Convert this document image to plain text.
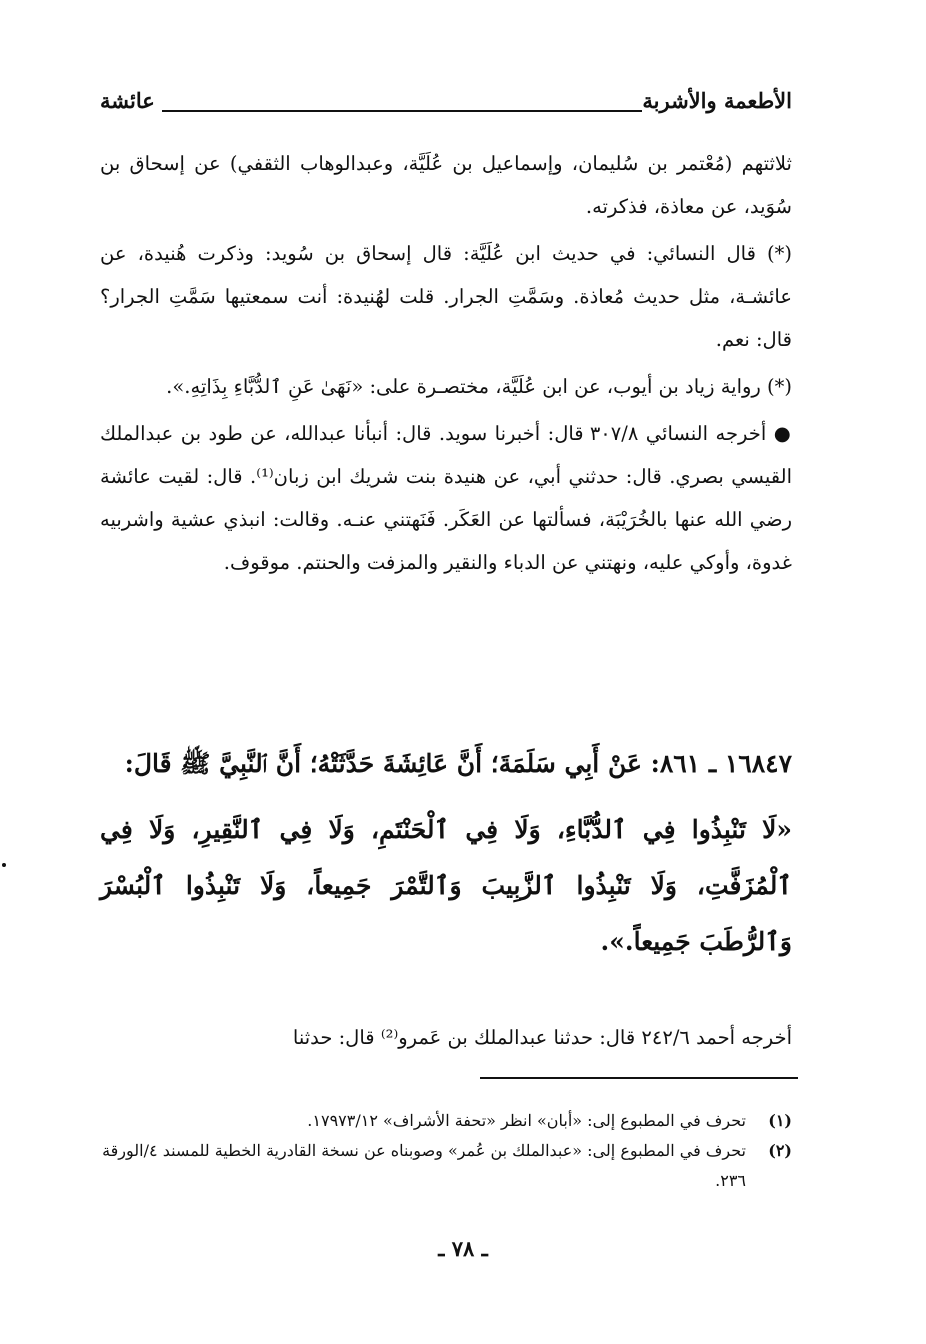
الأطعمة والأشربة
عائشة

ثلاثتهم (مُعْتمر بن سُليمان، وإسماعيل بن عُلَيَّة، وعبدالوهاب الثقفي) عن إسحاق بن سُوَيد، عن معاذة، فذكرته.

(*) قال النسائي: في حديث ابن عُلَيَّة: قال إسحاق بن سُويد: وذكرت هُنيدة، عن عائشـة، مثل حديث مُعاذة. وسَمَّتِ الجرار. قلت لهُنيدة: أنت سمعتيها سَمَّتِ الجرار؟ قال: نعم.

(*) رواية زياد بن أيوب، عن ابن عُلَيَّة، مختصـرة على: «نَهَىٰ عَنِ ٱلدُّبَّاءِ بِذَاتِهِ.».

● أخرجه النسائي ٣٠٧/٨ قال: أخبرنا سويد. قال: أنبأنا عبدالله، عن طود بن عبدالملك القيسي بصري. قال: حدثني أبي، عن هنيدة بنت شريك ابن زبان⁽¹⁾. قال: لقيت عائشة رضي الله عنها بالخُرَيْبَة، فسألتها عن العَكَر. فَنَهتني عنـه. وقالت: انبذي عشية واشربيه غدوة، وأوكي عليه، ونهتني عن الدباء والنقير والمزفت والحنتم. موقوف.

١٦٨٤٧ ـ ٨٦١: عَنْ أَبِي سَلَمَةَ؛ أَنَّ عَائِشَةَ حَدَّثَتْهُ؛ أَنَّ ٱلنَّبِيَّ ﷺ قَالَ:

«لَا تَنْبِذُوا فِي ٱلدُّبَّاءِ، وَلَا فِي ٱلْحَنْتَمِ، وَلَا فِي ٱلنَّقِيرِ، وَلَا فِي ٱلْمُزَفَّتِ، وَلَا تَنْبِذُوا ٱلزَّبِيبَ وَٱلتَّمْرَ جَمِيعاً، وَلَا تَنْبِذُوا ٱلْبُسْرَ وَٱلرُّطَبَ جَمِيعاً.».

أخرجه أحمد ٢٤٢/٦ قال: حدثنا عبدالملك بن عَمرو⁽²⁾ قال: حدثنا
(١)
تحرف في المطبوع إلى: «أبان» انظر «تحفة الأشراف» ١٧٩٧٣/١٢.
(٢)
تحرف في المطبوع إلى: «عبدالملك بن عُمر» وصوبناه عن نسخة القادرية الخطية للمسند ٤/الورقة ٢٣٦.
ـ ٧٨ ـ
